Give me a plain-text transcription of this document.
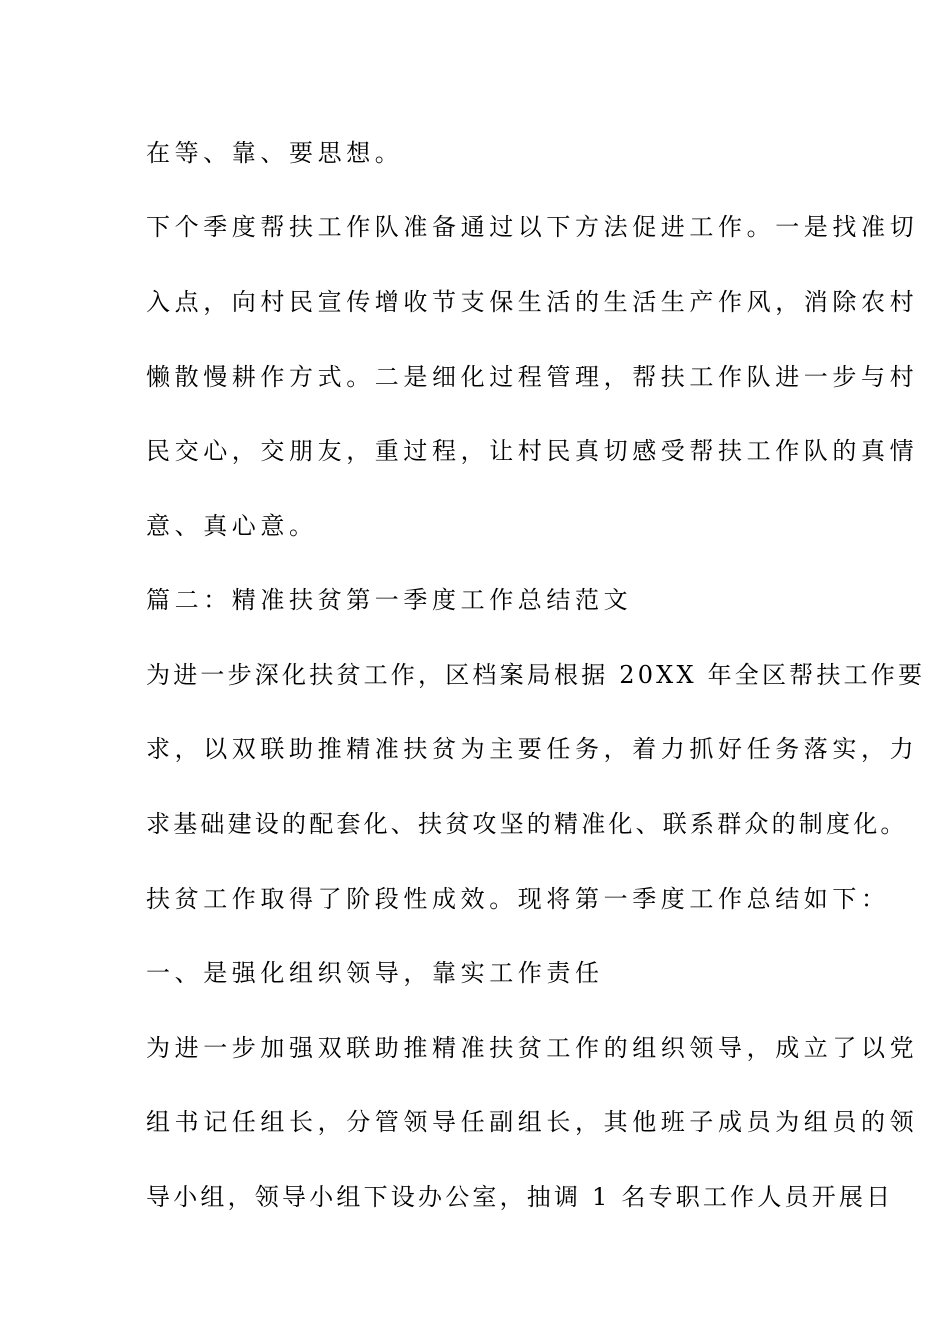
在等、靠、要思想。
下个季度帮扶工作队准备通过以下方法促进工作。一是找准切
入点，向村民宣传增收节支保生活的生活生产作风，消除农村
懒散慢耕作方式。二是细化过程管理，帮扶工作队进一步与村
民交心，交朋友，重过程，让村民真切感受帮扶工作队的真情
意、真心意。
篇二：精准扶贫第一季度工作总结范文
为进一步深化扶贫工作，区档案局根据 20XX 年全区帮扶工作要
求，以双联助推精准扶贫为主要任务，着力抓好任务落实，力
求基础建设的配套化、扶贫攻坚的精准化、联系群众的制度化。
扶贫工作取得了阶段性成效。现将第一季度工作总结如下：
一、是强化组织领导，靠实工作责任
为进一步加强双联助推精准扶贫工作的组织领导，成立了以党
组书记任组长，分管领导任副组长，其他班子成员为组员的领
导小组，领导小组下设办公室，抽调 1 名专职工作人员开展日
